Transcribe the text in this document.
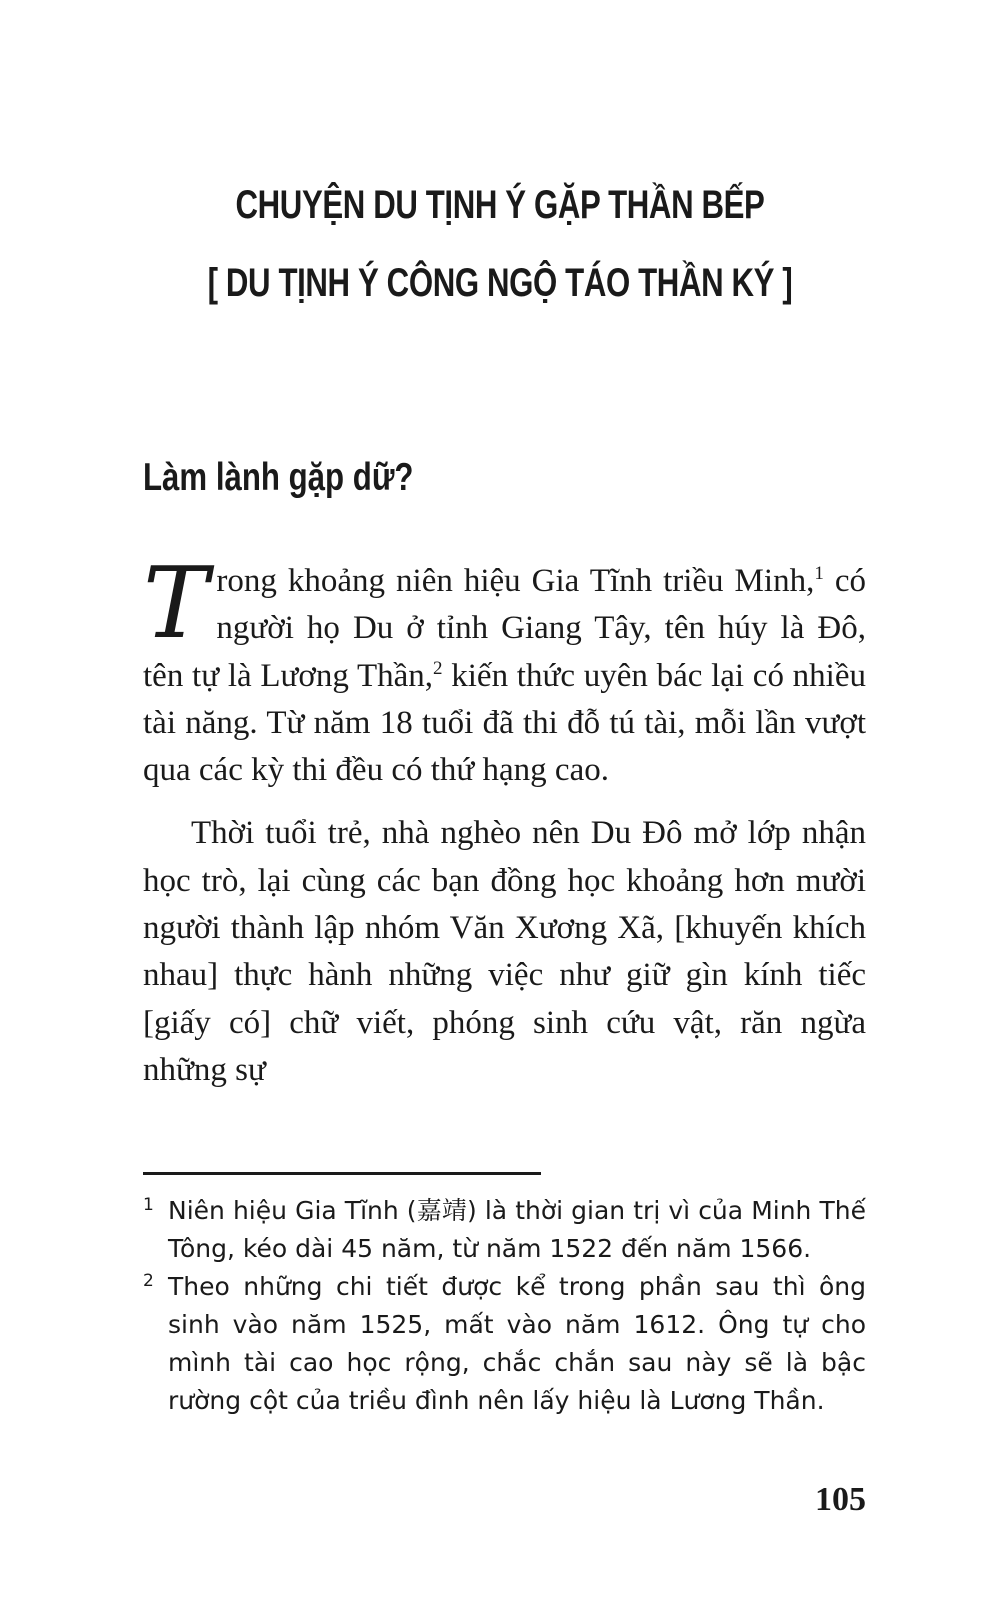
CHUYỆN DU TỊNH Ý GẶP THẦN BẾP
[ DU TỊNH Ý CÔNG NGỘ TÁO THẦN KÝ ]
Làm lành gặp dữ?

Trong khoảng niên hiệu Gia Tĩnh triều Minh,$^1$ có người họ Du ở tỉnh Giang Tây, tên húy là Đô, tên tự là Lương Thần,$^2$ kiến thức uyên bác lại có nhiều tài năng. Từ năm 18 tuổi đã thi đỗ tú tài, mỗi lần vượt qua các kỳ thi đều có thứ hạng cao.

Thời tuổi trẻ, nhà nghèo nên Du Đô mở lớp nhận học trò, lại cùng các bạn đồng học khoảng hơn mười người thành lập nhóm Văn Xương Xã, [khuyến khích nhau] thực hành những việc như giữ gìn kính tiếc [giấy có] chữ viết, phóng sinh cứu vật, răn ngừa những sự

1 Niên hiệu Gia Tĩnh (嘉靖) là thời gian trị vì của Minh Thế Tông, kéo dài 45 năm, từ năm 1522 đến năm 1566.
2 Theo những chi tiết được kể trong phần sau thì ông sinh vào năm 1525, mất vào năm 1612. Ông tự cho mình tài cao học rộng, chắc chắn sau này sẽ là bậc rường cột của triều đình nên lấy hiệu là Lương Thần.
105
